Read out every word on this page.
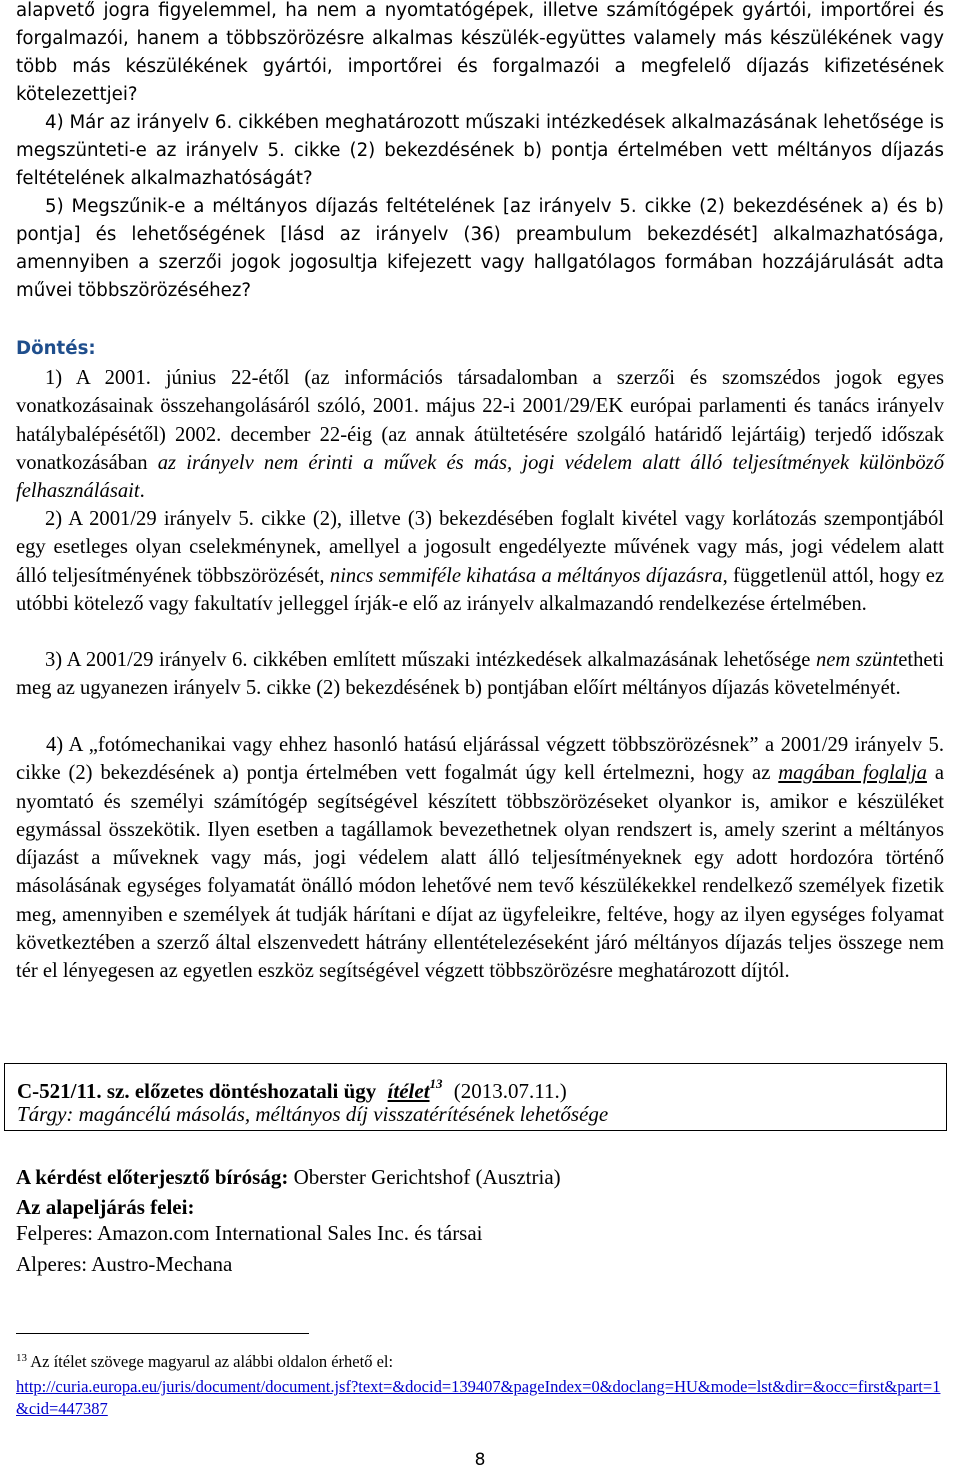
alapvető jogra figyelemmel, ha nem a nyomtatógépek, illetve számítógépek gyártói, importőrei és forgalmazói, hanem a többszörözésre alkalmas készülék-együttes valamely más készülékének vagy több más készülékének gyártói, importőrei és forgalmazói a megfelelő díjazás kifizetésének kötelezettjei?

4) Már az irányelv 6. cikkében meghatározott műszaki intézkedések alkalmazásának lehetősége is megszünteti-e az irányelv 5. cikke (2) bekezdésének b) pontja értelmében vett méltányos díjazás feltételének alkalmazhatóságát?

5) Megszűnik-e a méltányos díjazás feltételének [az irányelv 5. cikke (2) bekezdésének a) és b) pontja] és lehetőségének [lásd az irányelv (36) preambulum bekezdését] alkalmazhatósága, amennyiben a szerzői jogok jogosultja kifejezett vagy hallgatólagos formában hozzájárulását adta művei többszörözéséhez?

Döntés:

1) A 2001. június 22-étől (az információs társadalomban a szerzői és szomszédos jogok egyes vonatkozásainak összehangolásáról szóló, 2001. május 22-i 2001/29/EK európai parlamenti és tanács irányelv hatálybalépésétől) 2002. december 22-éig (az annak átültetésére szolgáló határidő lejártáig) terjedő időszak vonatkozásában az irányelv nem érinti a művek és más, jogi védelem alatt álló teljesítmények különböző felhasználásait.

2) A 2001/29 irányelv 5. cikke (2), illetve (3) bekezdésében foglalt kivétel vagy korlátozás szempontjából egy esetleges olyan cselekménynek, amellyel a jogosult engedélyezte művének vagy más, jogi védelem alatt álló teljesítményének többszörözését, nincs semmiféle kihatása a méltányos díjazásra, függetlenül attól, hogy ez utóbbi kötelező vagy fakultatív jelleggel írják-e elő az irányelv alkalmazandó rendelkezése értelmében.

3) A 2001/29 irányelv 6. cikkében említett műszaki intézkedések alkalmazásának lehetősége nem szüntetheti meg az ugyanezen irányelv 5. cikke (2) bekezdésének b) pontjában előírt méltányos díjazás követelményét.

4) A „fotómechanikai vagy ehhez hasonló hatású eljárással végzett többszörözésnek” a 2001/29 irányelv 5. cikke (2) bekezdésének a) pontja értelmében vett fogalmát úgy kell értelmezni, hogy az magában foglalja a nyomtató és személyi számítógép segítségével készített többszörözéseket olyankor is, amikor e készüléket egymással összekötik. Ilyen esetben a tagállamok bevezethetnek olyan rendszert is, amely szerint a méltányos díjazást a műveknek vagy más, jogi védelem alatt álló teljesítményeknek egy adott hordozóra történő másolásának egységes folyamatát önálló módon lehetővé nem tevő készülékekkel rendelkező személyek fizetik meg, amennyiben e személyek át tudják hárítani e díjat az ügyfeleikre, feltéve, hogy az ilyen egységes folyamat következtében a szerző által elszenvedett hátrány ellentételezéseként járó méltányos díjazás teljes összege nem tér el lényegesen az egyetlen eszköz segítségével végzett többszörözésre meghatározott díjtól.

C-521/11. sz. előzetes döntéshozatali ügy ítélet$^{13}$ (2013.07.11.)
Tárgy: magáncélú másolás, méltányos díj visszatérítésének lehetősége

A kérdést előterjesztő bíróság: Oberster Gerichtshof (Ausztria)

Az alapeljárás felei:

Felperes: Amazon.com International Sales Inc. és társai

Alperes: Austro‑Mechana

$^{13}$ Az ítélet szövege magyarul az alábbi oldalon érhető el:
http://curia.europa.eu/juris/document/document.jsf?text=&docid=139407&pageIndex=0&doclang=HU&mode=lst&dir=&occ=first&part=1&cid=447387
8
